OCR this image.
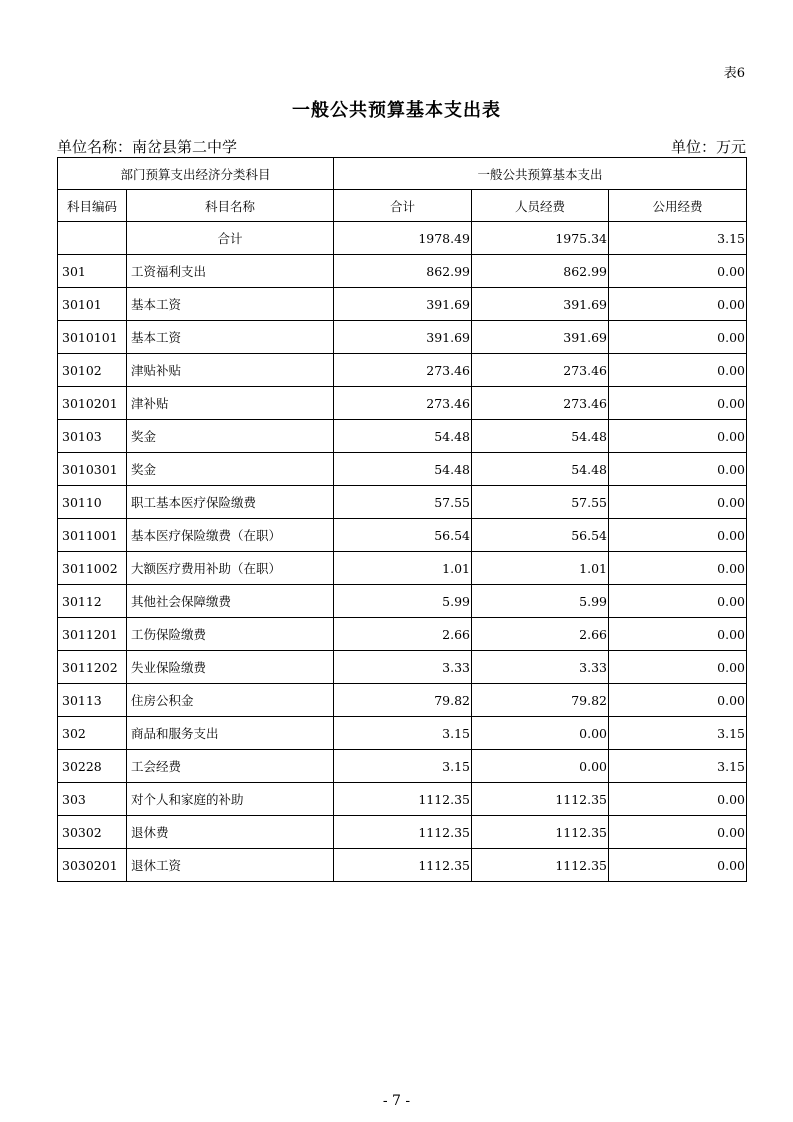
表6
一般公共预算基本支出表
单位名称：南岔县第二中学	单位：万元
部门预算支出经济分类科目		一般公共预算基本支出		
科目编码	科目名称	合计	人员经费	公用经费
	合计	1978.49	1975.34	3.15
301	工资福利支出	862.99	862.99	0.00
30101	基本工资	391.69	391.69	0.00
3010101	基本工资	391.69	391.69	0.00
30102	津贴补贴	273.46	273.46	0.00
3010201	津补贴	273.46	273.46	0.00
30103	奖金	54.48	54.48	0.00
3010301	奖金	54.48	54.48	0.00
30110	职工基本医疗保险缴费	57.55	57.55	0.00
3011001	基本医疗保险缴费（在职）	56.54	56.54	0.00
3011002	大额医疗费用补助（在职）	1.01	1.01	0.00
30112	其他社会保障缴费	5.99	5.99	0.00
3011201	工伤保险缴费	2.66	2.66	0.00
3011202	失业保险缴费	3.33	3.33	0.00
30113	住房公积金	79.82	79.82	0.00
302	商品和服务支出	3.15	0.00	3.15
30228	工会经费	3.15	0.00	3.15
303	对个人和家庭的补助	1112.35	1112.35	0.00
30302	退休费	1112.35	1112.35	0.00
3030201	退休工资	1112.35	1112.35	0.00
- 7 -
